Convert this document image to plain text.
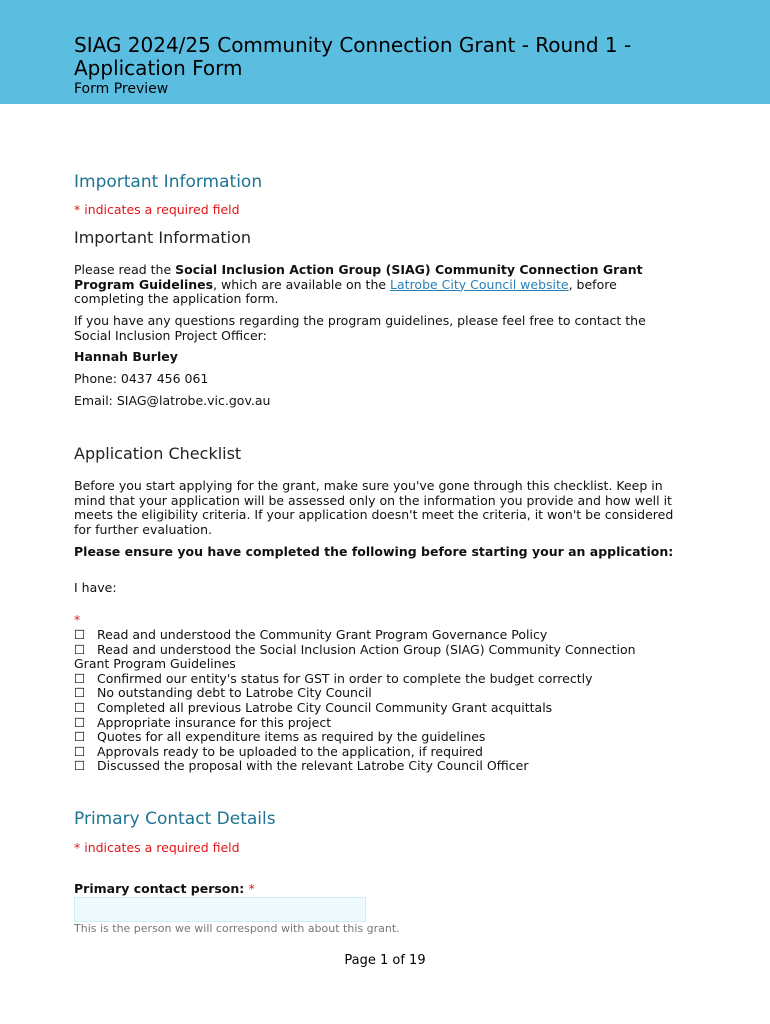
SIAG 2024/25 Community Connection Grant - Round 1 - Application Form
Form Preview
Important Information
* indicates a required field
Important Information
Please read the Social Inclusion Action Group (SIAG) Community Connection Grant Program Guidelines, which are available on the Latrobe City Council website, before completing the application form.
If you have any questions regarding the program guidelines, please feel free to contact the Social Inclusion Project Officer:
Hannah Burley
Phone: 0437 456 061
Email: SIAG@latrobe.vic.gov.au
Application Checklist
Before you start applying for the grant, make sure you've gone through this checklist. Keep in mind that your application will be assessed only on the information you provide and how well it meets the eligibility criteria. If your application doesn't meet the criteria, it won't be considered for further evaluation.
Please ensure you have completed the following before starting your an application:
I have:
*
☐ Read and understood the Community Grant Program Governance Policy
☐ Read and understood the Social Inclusion Action Group (SIAG) Community Connection Grant Program Guidelines
☐ Confirmed our entity's status for GST in order to complete the budget correctly
☐ No outstanding debt to Latrobe City Council
☐ Completed all previous Latrobe City Council Community Grant acquittals
☐ Appropriate insurance for this project
☐ Quotes for all expenditure items as required by the guidelines
☐ Approvals ready to be uploaded to the application, if required
☐ Discussed the proposal with the relevant Latrobe City Council Officer
Primary Contact Details
* indicates a required field
Primary contact person: *
This is the person we will correspond with about this grant.
Page 1 of 19
